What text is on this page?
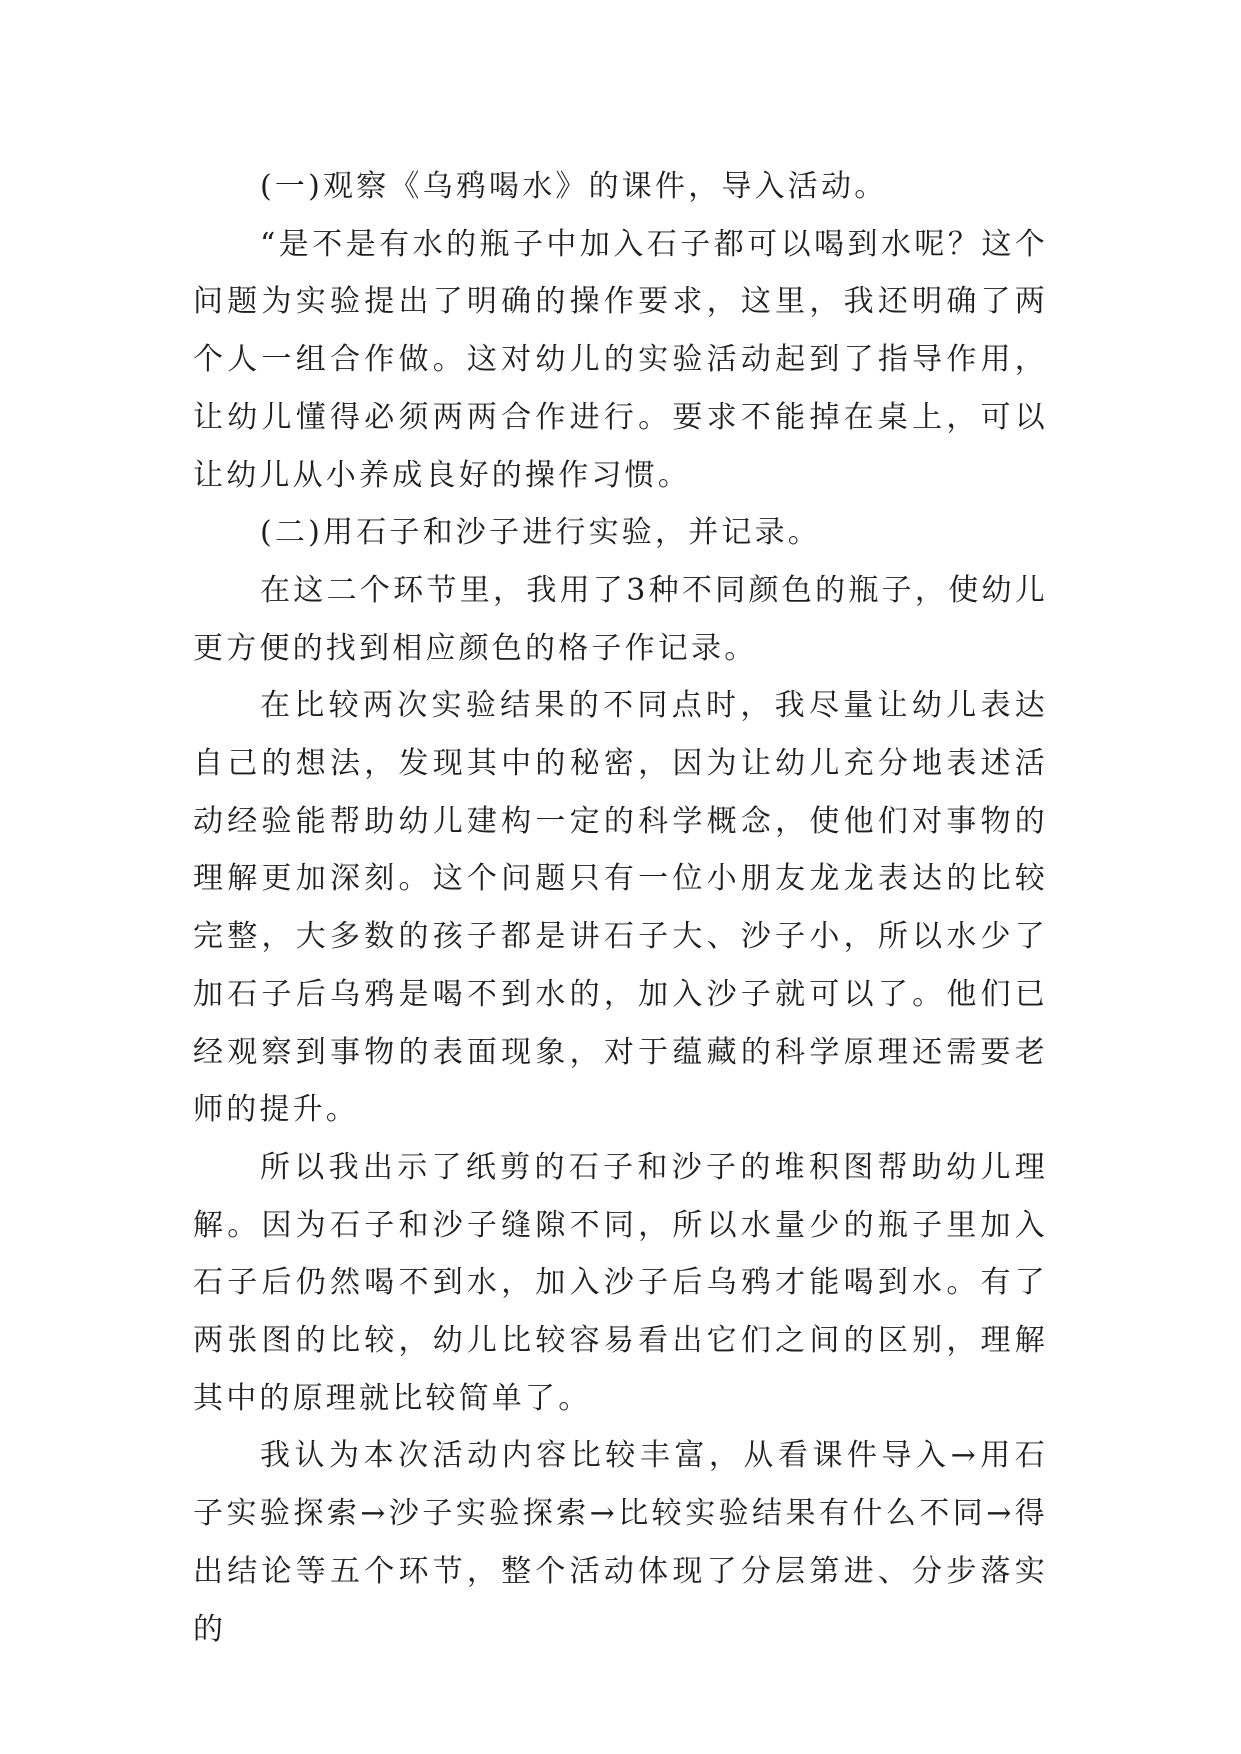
(一)观察《乌鸦喝水》的课件，导入活动。

“是不是有水的瓶子中加入石子都可以喝到水呢？这个问题为实验提出了明确的操作要求，这里，我还明确了两个人一组合作做。这对幼儿的实验活动起到了指导作用，让幼儿懂得必须两两合作进行。要求不能掉在桌上，可以让幼儿从小养成良好的操作习惯。

(二)用石子和沙子进行实验，并记录。

在这二个环节里，我用了3种不同颜色的瓶子，使幼儿更方便的找到相应颜色的格子作记录。

在比较两次实验结果的不同点时，我尽量让幼儿表达自己的想法，发现其中的秘密，因为让幼儿充分地表述活动经验能帮助幼儿建构一定的科学概念，使他们对事物的理解更加深刻。这个问题只有一位小朋友龙龙表达的比较完整，大多数的孩子都是讲石子大、沙子小，所以水少了加石子后乌鸦是喝不到水的，加入沙子就可以了。他们已经观察到事物的表面现象，对于蕴藏的科学原理还需要老师的提升。

所以我出示了纸剪的石子和沙子的堆积图帮助幼儿理解。因为石子和沙子缝隙不同，所以水量少的瓶子里加入石子后仍然喝不到水，加入沙子后乌鸦才能喝到水。有了两张图的比较，幼儿比较容易看出它们之间的区别，理解其中的原理就比较简单了。

我认为本次活动内容比较丰富，从看课件导入→用石子实验探索→沙子实验探索→比较实验结果有什么不同→得出结论等五个环节，整个活动体现了分层第进、分步落实的
